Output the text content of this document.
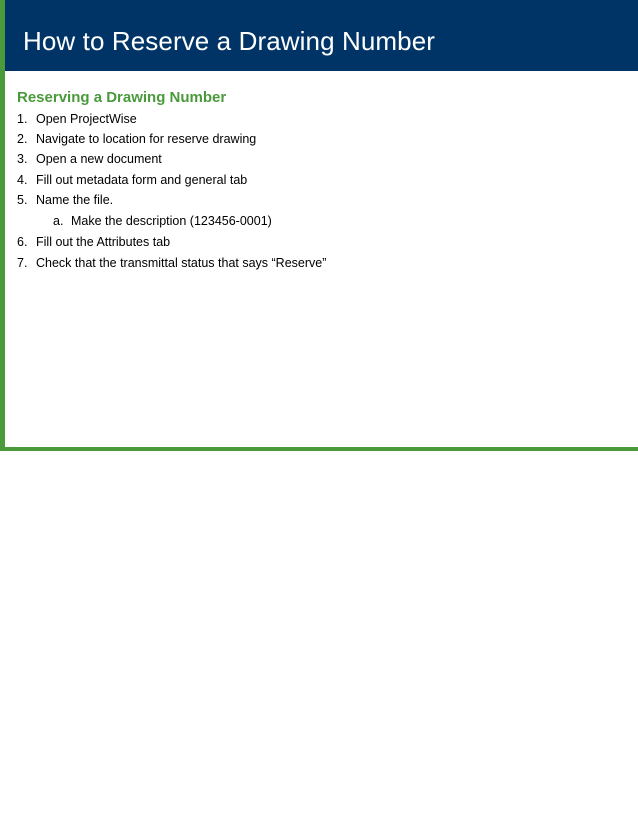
How to Reserve a Drawing Number
Reserving a Drawing Number
1. Open ProjectWise
2. Navigate to location for reserve drawing
3. Open a new document
4. Fill out metadata form and general tab
5. Name the file.
a. Make the description (123456-0001)
6. Fill out the Attributes tab
7. Check that the transmittal status that says “Reserve”
